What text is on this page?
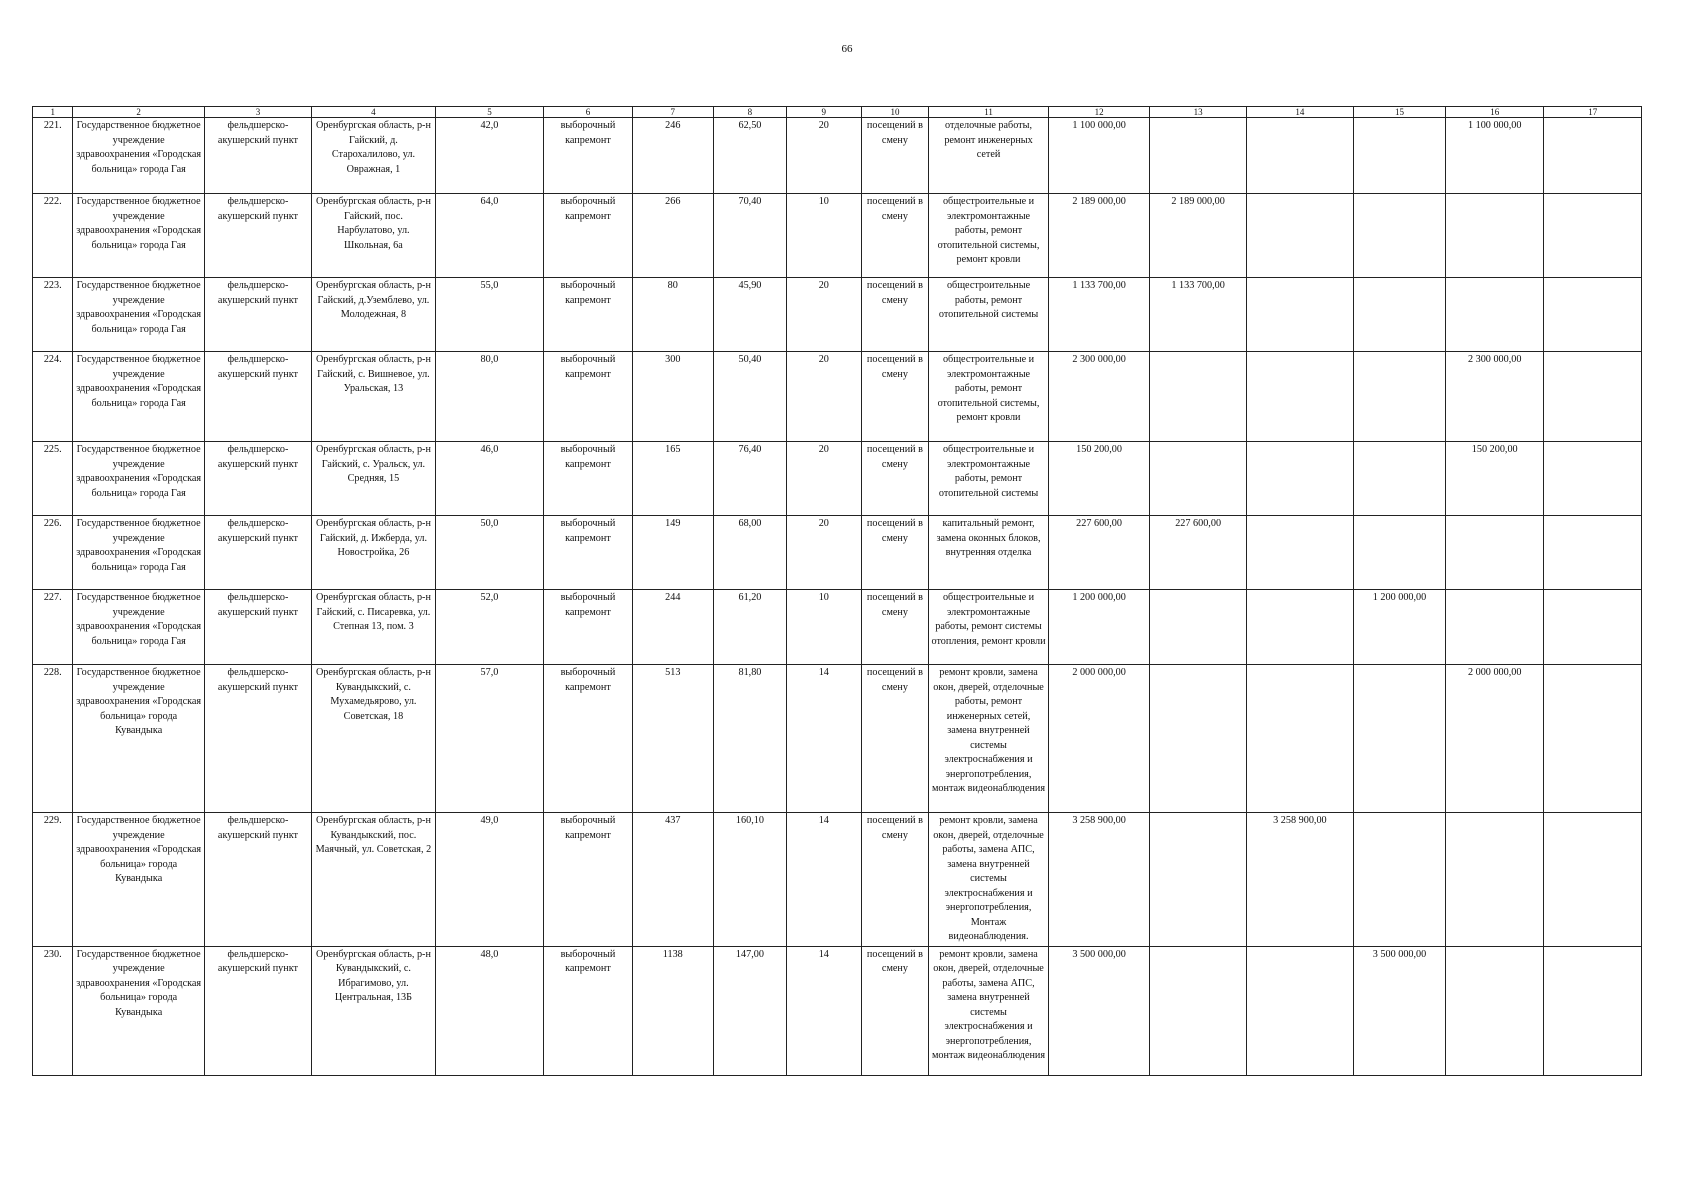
66
1	2	3	4	5	6	7	8	9	10	11	12	13	14	15	16	17
221.	Государственное бюджетное учреждение здравоохранения «Городская больница» города Гая	фельдшерско-акушерский пункт	Оренбургская область, р-н Гайский, д. Старохалилово, ул. Овражная, 1	42,0	выборочный капремонт	246	62,50	20	посещений в смену	отделочные работы, ремонт инженерных сетей	1 100 000,00				1 100 000,00	
222.	Государственное бюджетное учреждение здравоохранения «Городская больница» города Гая	фельдшерско-акушерский пункт	Оренбургская область, р-н Гайский, пос. Нарбулатово, ул. Школьная, 6а	64,0	выборочный капремонт	266	70,40	10	посещений в смену	общестроительные и электромонтажные работы, ремонт отопительной системы, ремонт кровли	2 189 000,00	2 189 000,00				
223.	Государственное бюджетное учреждение здравоохранения «Городская больница» города Гая	фельдшерско-акушерский пункт	Оренбургская область, р-н Гайский, д.Уземблево, ул. Молодежная, 8	55,0	выборочный капремонт	80	45,90	20	посещений в смену	общестроительные работы, ремонт отопительной системы	1 133 700,00	1 133 700,00				
224.	Государственное бюджетное учреждение здравоохранения «Городская больница» города Гая	фельдшерско-акушерский пункт	Оренбургская область, р-н Гайский, с. Вишневое, ул. Уральская, 13	80,0	выборочный капремонт	300	50,40	20	посещений в смену	общестроительные и электромонтажные работы, ремонт отопительной системы, ремонт кровли	2 300 000,00				2 300 000,00	
225.	Государственное бюджетное учреждение здравоохранения «Городская больница» города Гая	фельдшерско-акушерский пункт	Оренбургская область, р-н Гайский, с. Уральск, ул. Средняя, 15	46,0	выборочный капремонт	165	76,40	20	посещений в смену	общестроительные и электромонтажные работы, ремонт отопительной системы	150 200,00				150 200,00	
226.	Государственное бюджетное учреждение здравоохранения «Городская больница» города Гая	фельдшерско-акушерский пункт	Оренбургская область, р-н Гайский, д. Ижберда, ул. Новостройка, 26	50,0	выборочный капремонт	149	68,00	20	посещений в смену	капитальный ремонт, замена оконных блоков, внутренняя отделка	227 600,00	227 600,00				
227.	Государственное бюджетное учреждение здравоохранения «Городская больница» города Гая	фельдшерско-акушерский пункт	Оренбургская область, р-н Гайский, с. Писаревка, ул. Степная 13, пом. 3	52,0	выборочный капремонт	244	61,20	10	посещений в смену	общестроительные и электромонтажные работы, ремонт системы отопления, ремонт кровли	1 200 000,00			1 200 000,00		
228.	Государственное бюджетное учреждение здравоохранения «Городская больница» города Кувандыка	фельдшерско-акушерский пункт	Оренбургская область, р-н Кувандыкский, с. Мухамедьярово, ул. Советская, 18	57,0	выборочный капремонт	513	81,80	14	посещений в смену	ремонт кровли, замена окон, дверей, отделочные работы, ремонт инженерных сетей, замена внутренней системы электроснабжения и энергопотребления, монтаж видеонаблюдения	2 000 000,00				2 000 000,00	
229.	Государственное бюджетное учреждение здравоохранения «Городская больница» города Кувандыка	фельдшерско-акушерский пункт	Оренбургская область, р-н Кувандыкский, пос. Маячный, ул. Советская, 2	49,0	выборочный капремонт	437	160,10	14	посещений в смену	ремонт кровли, замена окон, дверей, отделочные работы, замена АПС, замена внутренней системы электроснабжения и энергопотребления, Монтаж видеонаблюдения.	3 258 900,00		3 258 900,00			
230.	Государственное бюджетное учреждение здравоохранения «Городская больница» города Кувандыка	фельдшерско-акушерский пункт	Оренбургская область, р-н Кувандыкский, с. Ибрагимово, ул. Центральная, 13Б	48,0	выборочный капремонт	1138	147,00	14	посещений в смену	ремонт кровли, замена окон, дверей, отделочные работы, замена АПС, замена внутренней системы электроснабжения и энергопотребления, монтаж видеонаблюдения	3 500 000,00			3 500 000,00		
